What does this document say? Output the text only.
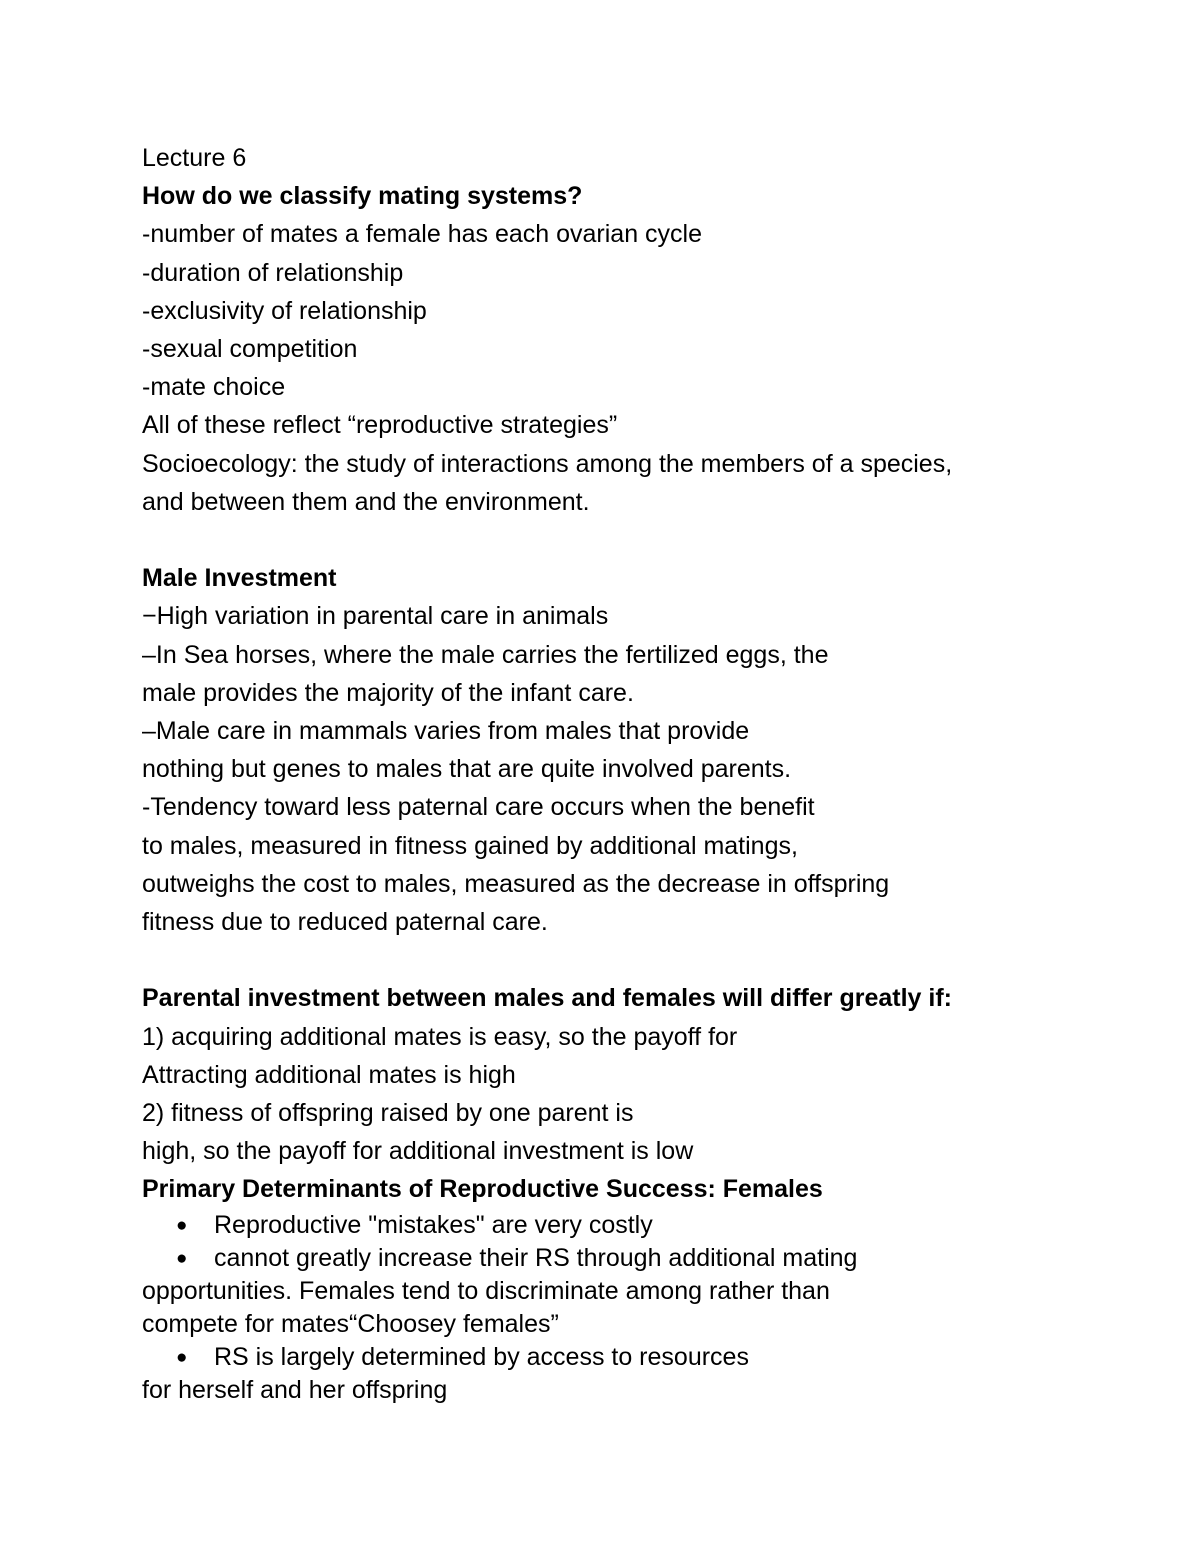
Lecture 6
How do we classify mating systems?
-number of mates a female has each ovarian cycle
-duration of relationship
-exclusivity of relationship
-sexual competition
-mate choice
All of these reflect “reproductive strategies”
Socioecology: the study of interactions among the members of a species,
and between them and the environment.
Male Investment
−High variation in parental care in animals
–In Sea horses, where the male carries the fertilized eggs, the
male provides the majority of the infant care.
–Male care in mammals varies from males that provide
nothing but genes to males that are quite involved parents.
-Tendency toward less paternal care occurs when the benefit
to males, measured in fitness gained by additional matings,
outweighs the cost to males, measured as the decrease in offspring
fitness due to reduced paternal care.
Parental investment between males and females will differ greatly if:
1) acquiring additional mates is easy, so the payoff for
Attracting additional mates is high
2) fitness of offspring raised by one parent is
high, so the payoff for additional investment is low
Primary Determinants of Reproductive Success: Females
● Reproductive "mistakes" are very costly
● cannot greatly increase their RS through additional mating
opportunities. Females tend to discriminate among rather than
compete for mates“Choosey females”
● RS is largely determined by access to resources
for herself and her offspring
